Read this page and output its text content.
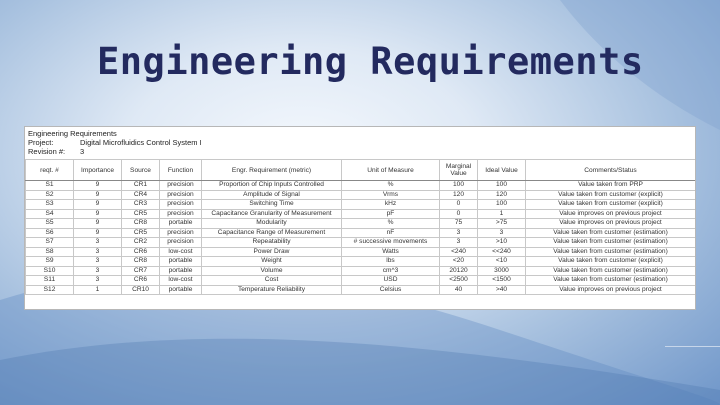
Engineering Requirements
Engineering Requirements
Project:	Digital Microfluidics Control System I
Revision #: 3
reqt. #	Importance	Source	Function	Engr. Requirement (metric)	Unit of Measure	Marginal Value	Ideal Value	Comments/Status
S1	9	CR1	precision	Proportion of Chip Inputs Controlled	%	100	100	Value taken from PRP
S2	9	CR4	precision	Amplitude of Signal	Vrms	120	120	Value taken from customer (explicit)
S3	9	CR3	precision	Switching Time	kHz	0	100	Value taken from customer (explicit)
S4	9	CR5	precision	Capacitance Granularity of Measurement	pF	0	1	Value improves on previous project
S5	9	CR8	portable	Modularity	%	75	>75	Value improves on previous project
S6	9	CR5	precision	Capacitance Range of Measurement	nF	3	3	Value taken from customer (estimation)
S7	3	CR2	precision	Repeatability	# successive movements	3	>10	Value taken from customer (estimation)
S8	3	CR6	low-cost	Power Draw	Watts	<240	<<240	Value taken from customer (estimation)
S9	3	CR8	portable	Weight	lbs	<20	<10	Value taken from customer (explicit)
S10	3	CR7	portable	Volume	cm^3	20120	3000	Value taken from customer (estimation)
S11	3	CR6	low-cost	Cost	USD	<2500	<1500	Value taken from customer (estimation)
S12	1	CR10	portable	Temperature Reliability	Celsius	40	>40	Value improves on previous project
